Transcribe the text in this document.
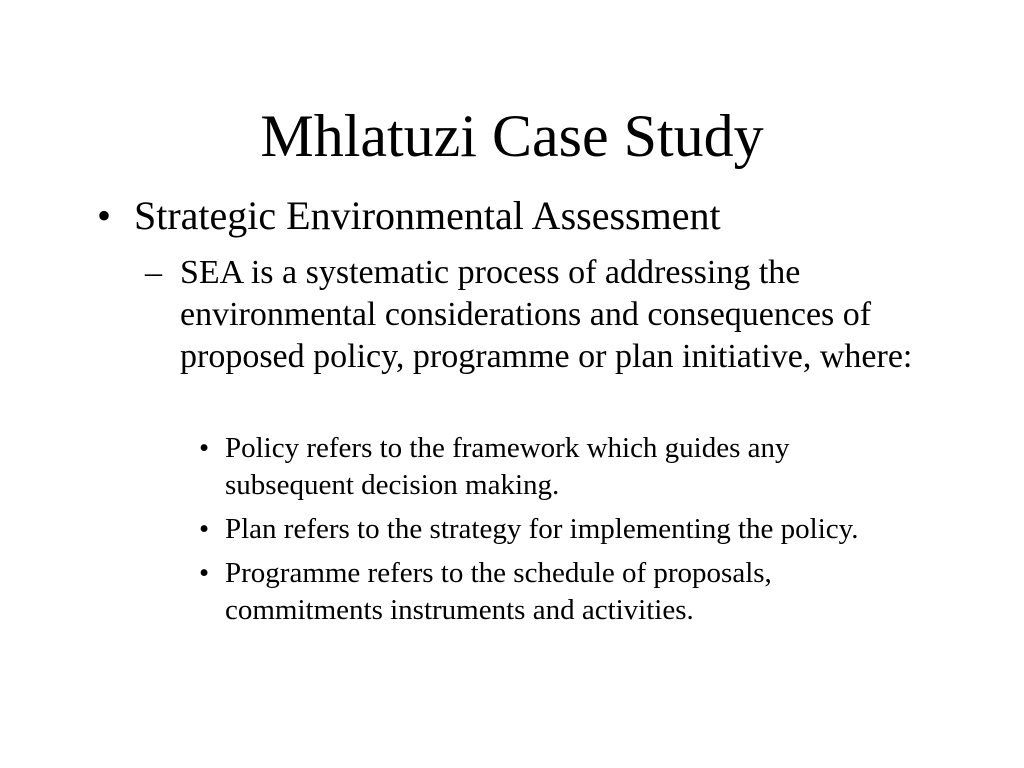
Mhlatuzi Case Study
• Strategic Environmental Assessment
– SEA is a systematic process of addressing the environmental considerations and consequences of proposed policy, programme or plan initiative, where:
• Policy refers to the framework which guides any subsequent decision making.
• Plan refers to the strategy for implementing the policy.
• Programme refers to the schedule of proposals, commitments instruments and activities.
